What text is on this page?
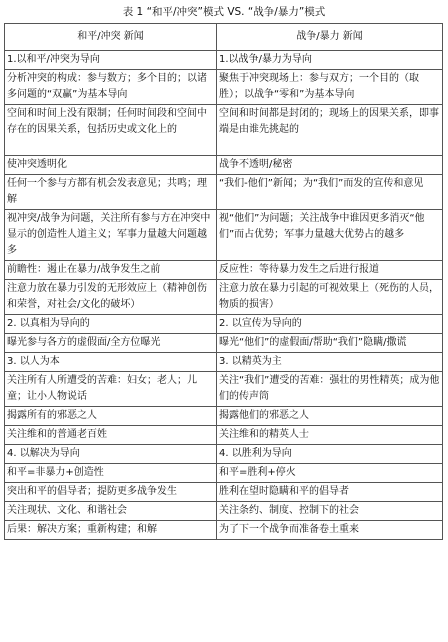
表 1 “和平/冲突”模式 VS. “战争/暴力”模式
和平/冲突 新闻	战争/暴力 新闻
1.以和平/冲突为导向	1.以战争/暴力为导向
分析冲突的构成：参与数方；多个目的；以诸多问题的“双赢”为基本导向	聚焦于冲突现场上：参与双方；一个目的（取胜）；以战争“零和”为基本导向
空间和时间上没有限制；任何时间段和空间中存在的因果关系，包括历史或文化上的	空间和时间都是封闭的；现场上的因果关系，即事端是由谁先挑起的
使冲突透明化	战争不透明/秘密
任何一个参与方都有机会发表意见；共鸣；理解	“我们-他们”新闻；为“我们”而发的宣传和意见
视冲突/战争为问题，关注所有参与方在冲突中显示的创造性人道主义；军事力量越大问题越多	视“他们”为问题；关注战争中谁因更多消灭“他们”而占优势；军事力量越大优势占的越多
前瞻性：遏止在暴力/战争发生之前	反应性：等待暴力发生之后进行报道
注意力放在暴力引发的无形效应上（精神创伤和荣誉，对社会/文化的破坏）	注意力放在暴力引起的可视效果上（死伤的人员，物质的损害）
2. 以真相为导向的	2. 以宣传为导向的
曝光参与各方的虚假面/全方位曝光	曝光“他们”的虚假面/帮助“我们”隐瞒/撒谎
3. 以人为本	3. 以精英为主
关注所有人所遭受的苦难：妇女；老人；儿童；让小人物说话	关注“我们”遭受的苦难：强壮的男性精英；成为他们的传声筒
揭露所有的邪恶之人	揭露他们的邪恶之人
关注维和的普通老百姓	关注维和的精英人士
4. 以解决为导向	4. 以胜利为导向
和平=非暴力+创造性	和平=胜利+停火
突出和平的倡导者；提防更多战争发生	胜利在望时隐瞒和平的倡导者
关注现状、文化、和谐社会	关注条约、制度、控制下的社会
后果：解决方案；重新构建；和解	为了下一个战争而准备卷土重来
